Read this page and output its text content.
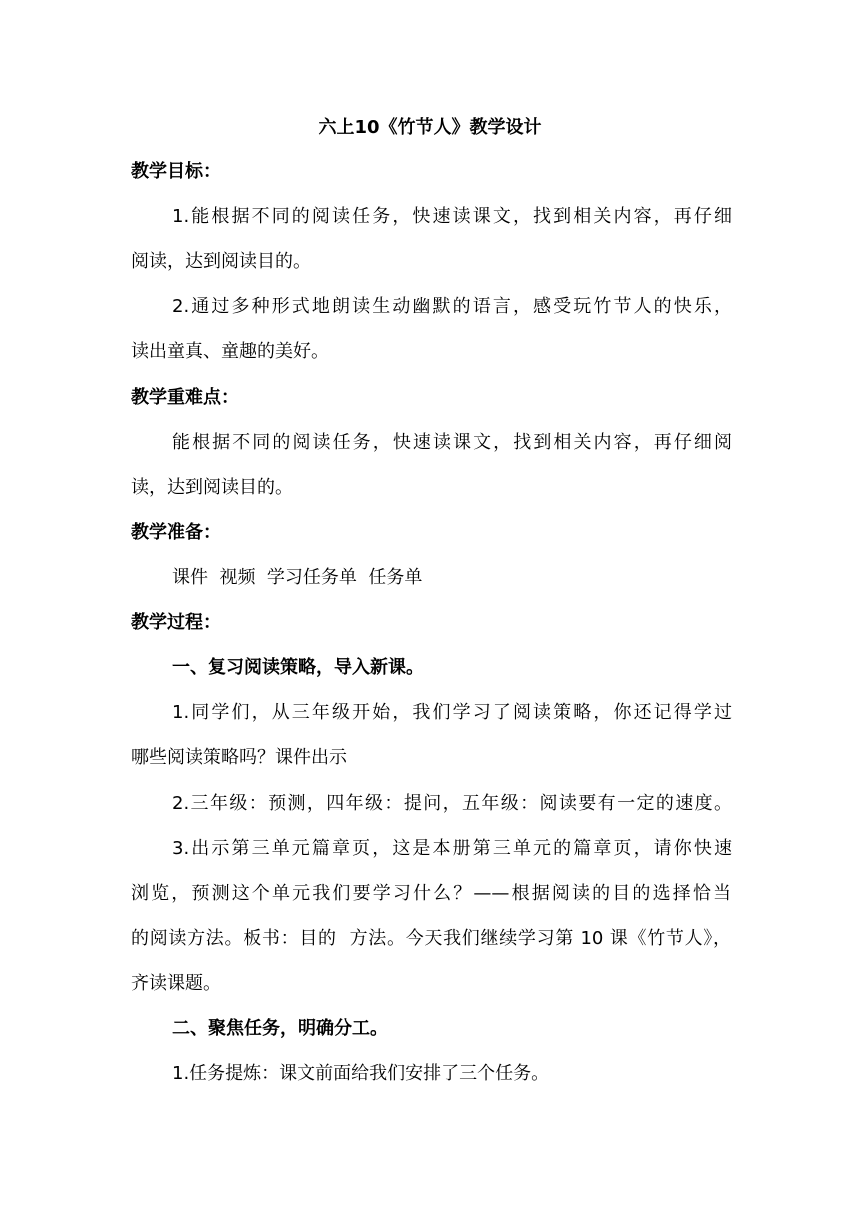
六上10《竹节人》教学设计
教学目标：
1.能根据不同的阅读任务，快速读课文，找到相关内容，再仔细
阅读，达到阅读目的。
2.通过多种形式地朗读生动幽默的语言，感受玩竹节人的快乐，
读出童真、童趣的美好。
教学重难点：
能根据不同的阅读任务，快速读课文，找到相关内容，再仔细阅
读，达到阅读目的。
教学准备：
课件  视频  学习任务单  任务单
教学过程：
一、复习阅读策略，导入新课。
1.同学们，从三年级开始，我们学习了阅读策略，你还记得学过
哪些阅读策略吗？课件出示
2.三年级：预测，四年级：提问，五年级：阅读要有一定的速度。
3.出示第三单元篇章页，这是本册第三单元的篇章页，请你快速
浏览，预测这个单元我们要学习什么？——根据阅读的目的选择恰当
的阅读方法。板书：目的  方法。今天我们继续学习第 10 课《竹节人》，
齐读课题。
二、聚焦任务，明确分工。
1.任务提炼：课文前面给我们安排了三个任务。
